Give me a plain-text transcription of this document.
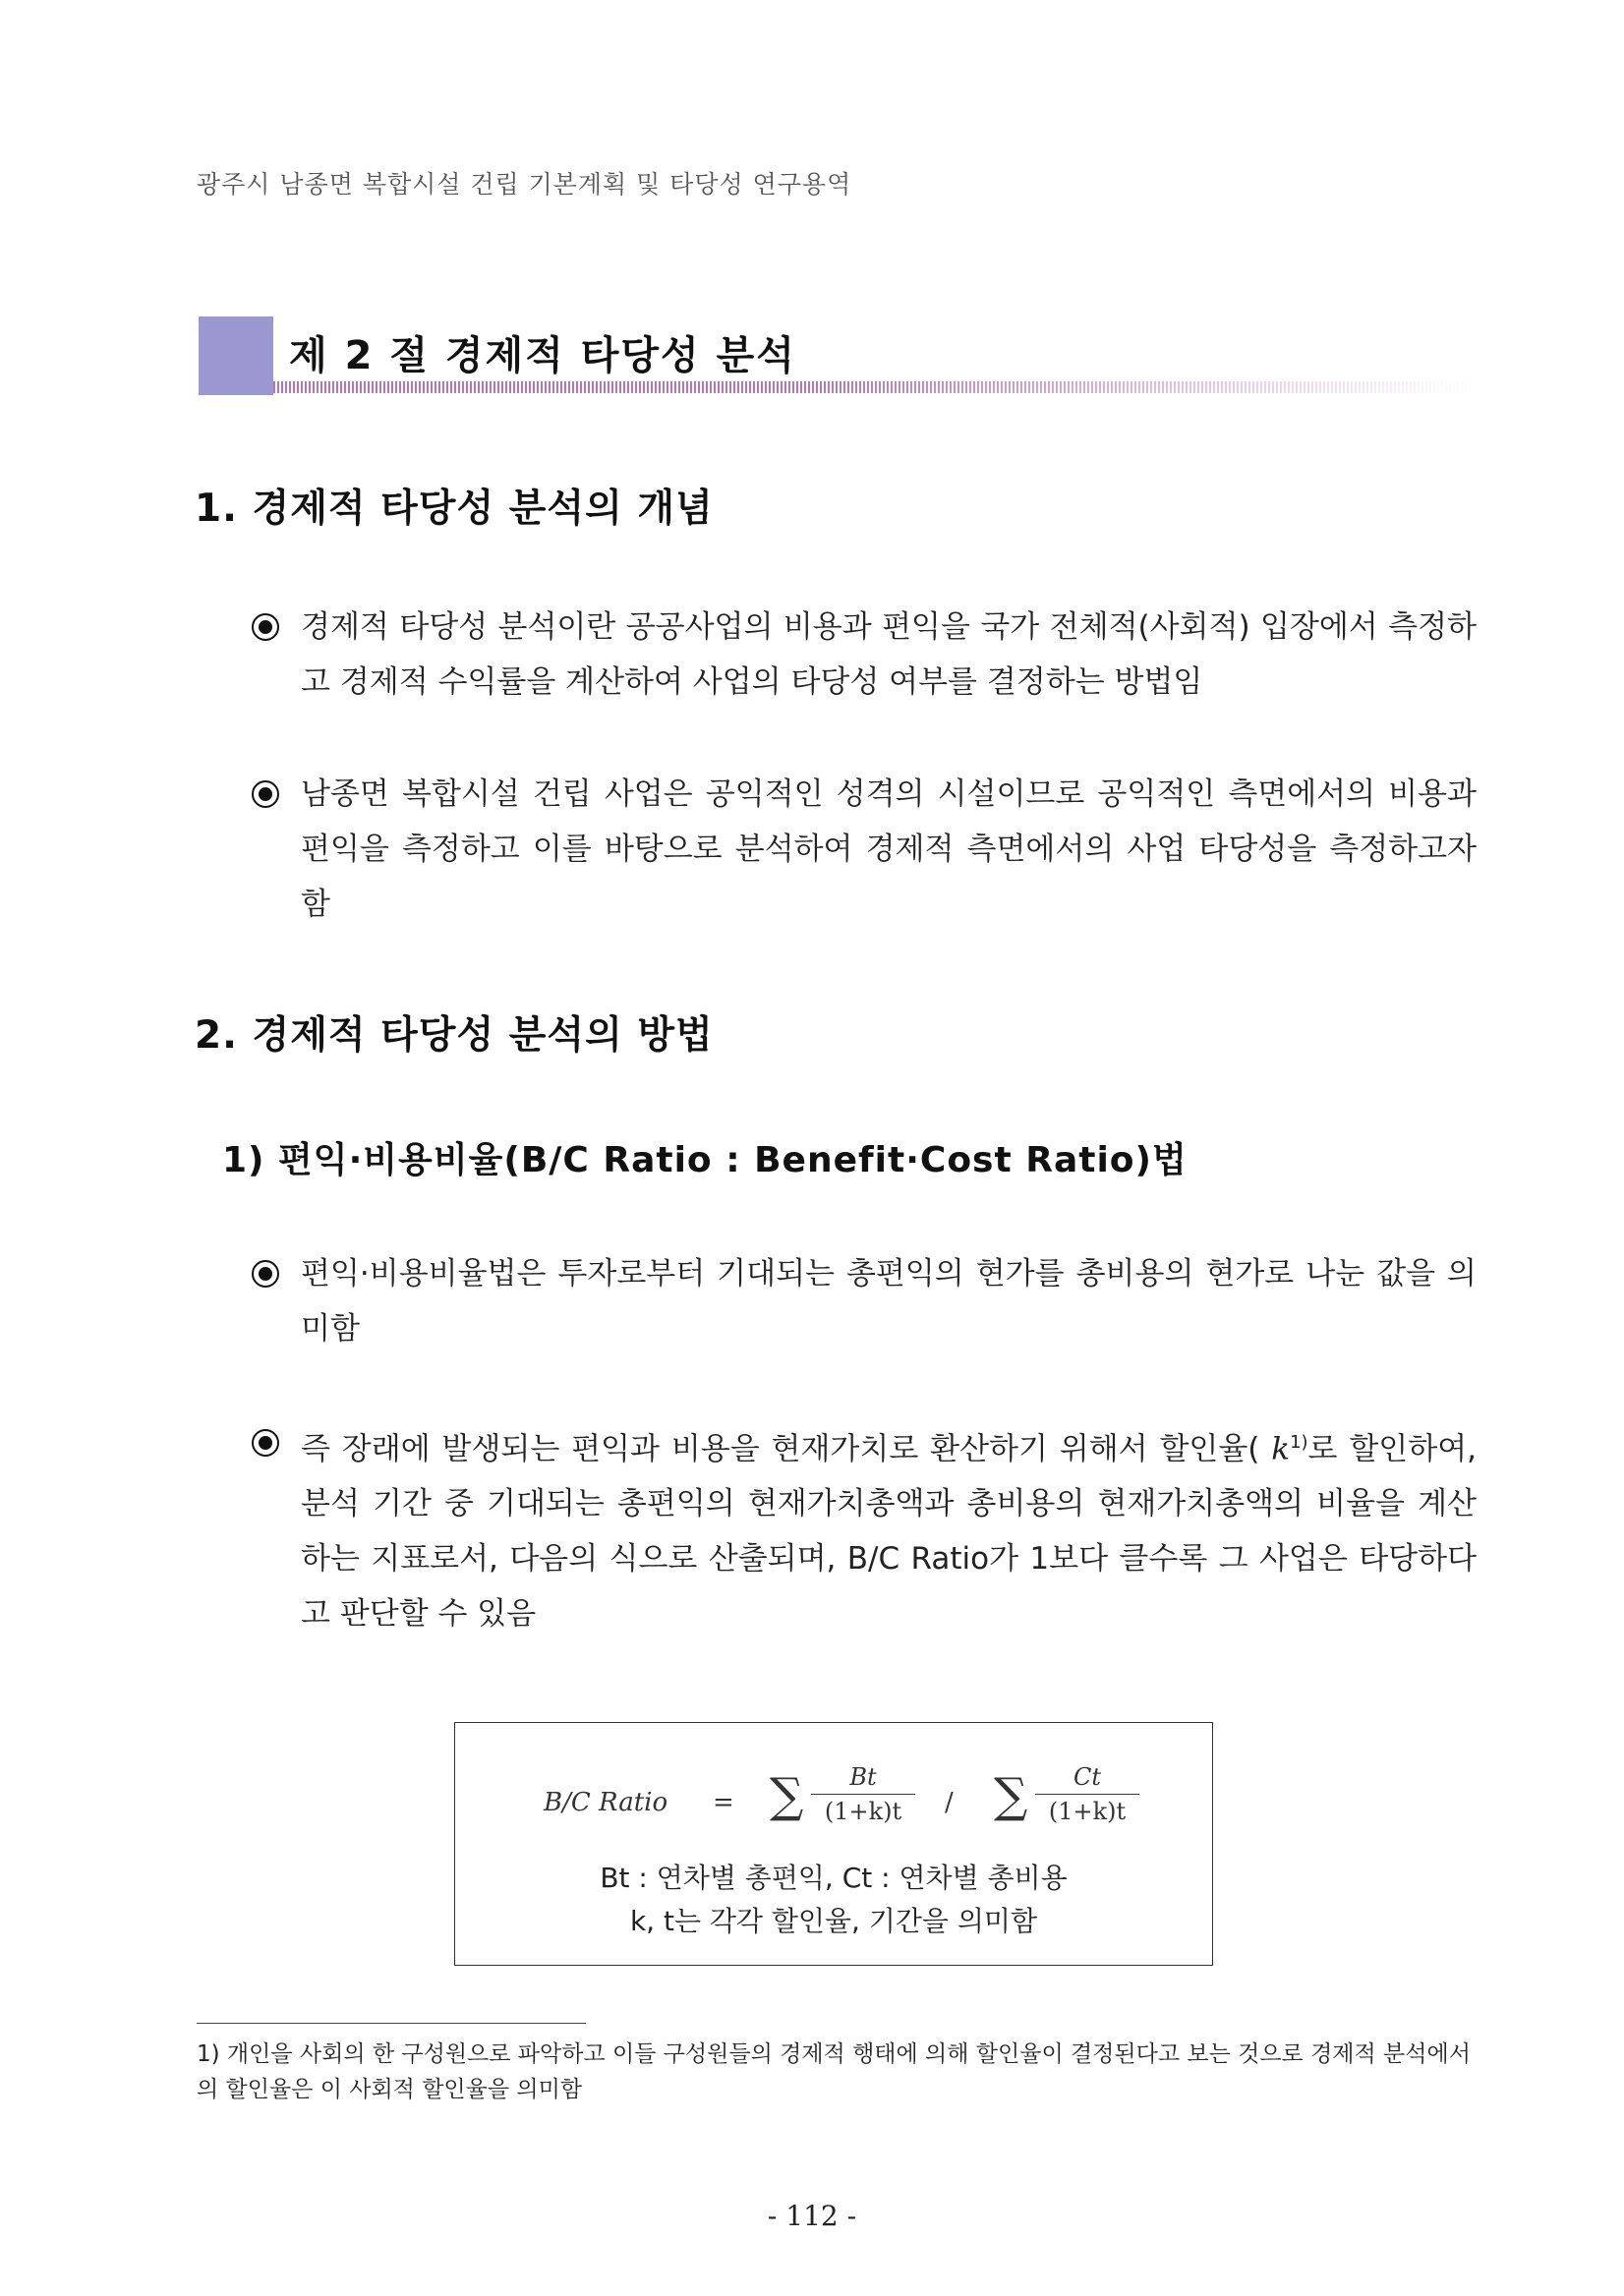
광주시 남종면 복합시설 건립 기본계획 및 타당성 연구용역
제 2 절 경제적 타당성 분석
1. 경제적 타당성 분석의 개념

경제적 타당성 분석이란 공공사업의 비용과 편익을 국가 전체적(사회적) 입장에서 측정하고 경제적 수익률을 계산하여 사업의 타당성 여부를 결정하는 방법임

남종면 복합시설 건립 사업은 공익적인 성격의 시설이므로 공익적인 측면에서의 비용과 편익을 측정하고 이를 바탕으로 분석하여 경제적 측면에서의 사업 타당성을 측정하고자 함

2. 경제적 타당성 분석의 방법
1) 편익·비용비율(B/C Ratio : Benefit·Cost Ratio)법

편익·비용비율법은 투자로부터 기대되는 총편익의 현가를 총비용의 현가로 나눈 값을 의미함

즉 장래에 발생되는 편익과 비용을 현재가치로 환산하기 위해서 할인율( k$^{1)}$로 할인하여, 분석 기간 중 기대되는 총편익의 현재가치총액과 총비용의 현재가치총액의 비율을 계산하는 지표로서, 다음의 식으로 산출되며, B/C Ratio가 1보다 클수록 그 사업은 타당하다고 판단할 수 있음

B/C Ratio = ∑	Bt
(1+k)t	/ ∑	Ct
(1+k)t
Bt : 연차별 총편익, Ct : 연차별 총비용
k, t는 각각 할인율, 기간을 의미함
1) 개인을 사회의 한 구성원으로 파악하고 이들 구성원들의 경제적 행태에 의해 할인율이 결정된다고 보는 것으로 경제적 분석에서의 할인율은 이 사회적 할인율을 의미함
- 112 -
